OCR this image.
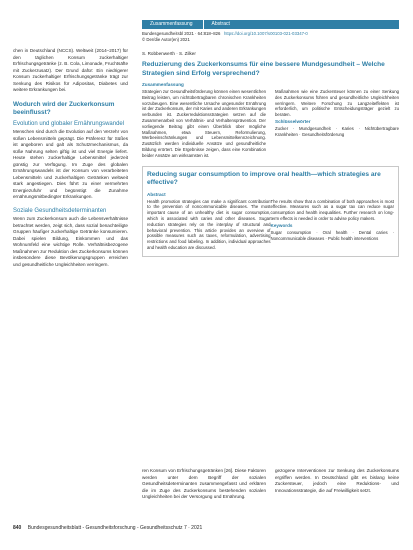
chen in Deutschland (NCCS). Weltweit (2014–2017) für den täglichen Konsum zuckerhaltiger Erfrischungsgetränke (z. B. Cola, Limonade, Fruchtsäfte mit Zuckerzusatz). Der Grund dafür: Ein niedrigerer Konsum zuckerhaltiger Erfrischungsgetränke trägt zur Senkung des Risikos für Adipositas, Diabetes und weitere Erkrankungen bei.

Wodurch wird der Zuckerkonsum beeinflusst?
Evolution und globaler Ernährungswandel

Menschen sind durch die Evolution auf den Verzehr von süßen Lebensmitteln geprägt. Die Präferenz für Süßes ist angeboren und galt als Schutzmechanismus, da süße Nahrung selten giftig ist und viel Energie liefert. Heute stehen zuckerhaltige Lebensmittel jederzeit günstig zur Verfügung. Im Zuge des globalen Ernährungswandels ist der Konsum von verarbeiteten Lebensmitteln und zuckerhaltigen Getränken weltweit stark angestiegen. Dies führt zu einer vermehrten Energiezufuhr und begünstigt die Zunahme ernährungsmitbedingter Erkrankungen.

Soziale Gesundheitsdeterminanten

Wenn zum Zuckerkonsum auch die Lebensverhältnisse betrachtet werden, zeigt sich, dass sozial benachteiligte Gruppen häufiger zuckerhaltige Getränke konsumieren. Dabei spielen Bildung, Einkommen und das Wohnumfeld eine wichtige Rolle. Verhältnisbezogene Maßnahmen zur Reduktion des Zuckerkonsums können insbesondere diese Bevölkerungsgruppen erreichen und gesundheitliche Ungleichheiten verringern.

Zusammenfassung	Abstract
Bundesgesundheitsbl 2021 · 64:818–826 https://doi.org/10.1007/s00103-021-03347-0
© Der/die Autor(en) 2021
S. Robbenwerth · S. Zilker
Reduzierung des Zuckerkonsums für eine bessere Mundgesundheit – Welche Strategien sind Erfolg versprechend?
Zusammenfassung

Strategien zur Gesundheitsförderung können einen wesentlichen Beitrag leisten, um nichtübertragbaren chronischen Krankheiten vorzubeugen. Eine wesentliche Ursache ungesunder Ernährung ist der Zuckerkonsum, der mit Karies und anderen Erkrankungen verbunden ist. Zuckerreduktionsstrategien setzen auf die Zusammenarbeit von Verhältnis- und Verhaltensprävention. Der vorliegende Beitrag gibt einen Überblick über mögliche Maßnahmen, etwa Steuern, Reformulierung, Werbeeinschränkungen und Lebensmittelkennzeichnung. Zusätzlich werden individuelle Ansätze und gesundheitliche Bildung erörtert. Die Ergebnisse zeigen, dass eine Kombination beider Ansätze am wirksamsten ist.

Maßnahmen wie eine Zuckersteuer können zu einer Senkung des Zuckerkonsums führen und gesundheitliche Ungleichheiten verringern. Weitere Forschung zu Langzeiteffekten ist erforderlich, um politische Entscheidungsträger gezielt zu beraten.

Schlüsselwörter

Zucker · Mundgesundheit · Karies · Nichtübertragbare Krankheiten · Gesundheitsförderung

Reducing sugar consumption to improve oral health—which strategies are effective?
Abstract

Health promotion strategies can make a significant contribution to the prevention of noncommunicable diseases. The most important cause of an unhealthy diet is sugar consumption, which is associated with caries and other diseases. Sugar reduction strategies rely on the interplay of structural and behavioral prevention. This article provides an overview of possible measures such as taxes, reformulation, advertising restrictions and food labeling. In addition, individual approaches and health education are discussed.

The results show that a combination of both approaches is most effective. Measures such as a sugar tax can reduce sugar consumption and health inequalities. Further research on long-term effects is needed in order to advise policy makers.

Keywords

Sugar consumption · Oral health · Dental caries · Noncommunicable diseases · Public health interventions

ren Konsum von Erfrischungsgetränken [26]. Diese Faktoren werden unter dem Begriff der sozialen Gesundheitsdeterminanten zusammengefasst und erklären die im Zuge des Zuckerkonsums bestehenden sozialen Ungleichheiten bei der Versorgung und Ernährung.
gezogene Interventionen zur Senkung des Zuckerkonsums ergriffen werden. In Deutschland gibt es bislang keine Zuckersteuer, jedoch eine Reduktions- und Innovationsstrategie, die auf Freiwilligkeit setzt.
840 Bundesgesundheitsblatt - Gesundheitsforschung - Gesundheitsschutz 7 · 2021
